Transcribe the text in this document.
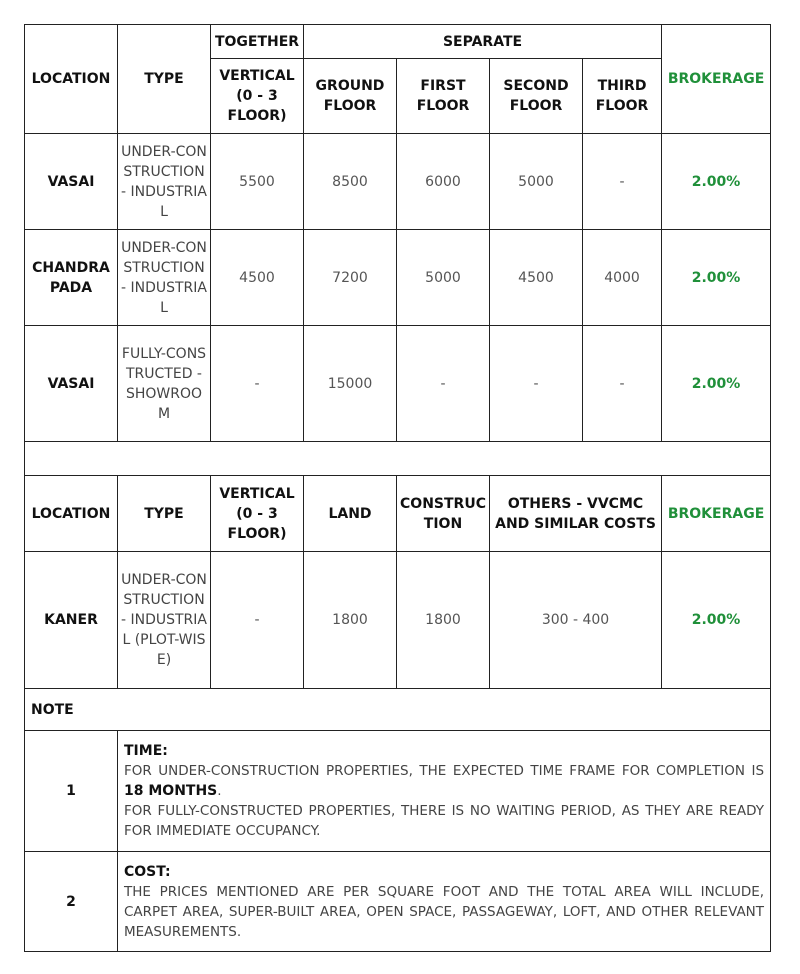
LOCATION	TYPE	TOGETHER	SEPARATE				BROKERAGE
		VERTICAL (0 - 3 FLOOR)	GROUND FLOOR	FIRST FLOOR	SECOND FLOOR	THIRD FLOOR	
VASAI	UNDER-CONSTRUCTION - INDUSTRIAL	5500	8500	6000	5000	-	2.00%
CHANDRAPADA	UNDER-CONSTRUCTION - INDUSTRIAL	4500	7200	5000	4500	4000	2.00%
VASAI	FULLY-CONSTRUCTED - SHOWROOM	-	15000	-	-	-	2.00%

LOCATION	TYPE	VERTICAL (0 - 3 FLOOR)	LAND	CONSTRUCTION	OTHERS - VVCMC AND SIMILAR COSTS		BROKERAGE
KANER	UNDER-CONSTRUCTION - INDUSTRIAL (PLOT-WISE)	-	1800	1800	300 - 400		2.00%
NOTE							
1	TIME:
FOR UNDER-CONSTRUCTION PROPERTIES, THE EXPECTED TIME FRAME FOR COMPLETION IS 18 MONTHS.
FOR FULLY-CONSTRUCTED PROPERTIES, THERE IS NO WAITING PERIOD, AS THEY ARE READY FOR IMMEDIATE OCCUPANCY.						
2	COST:
THE PRICES MENTIONED ARE PER SQUARE FOOT AND THE TOTAL AREA WILL INCLUDE, CARPET AREA, SUPER-BUILT AREA, OPEN SPACE, PASSAGEWAY, LOFT, AND OTHER RELEVANT MEASUREMENTS.						
